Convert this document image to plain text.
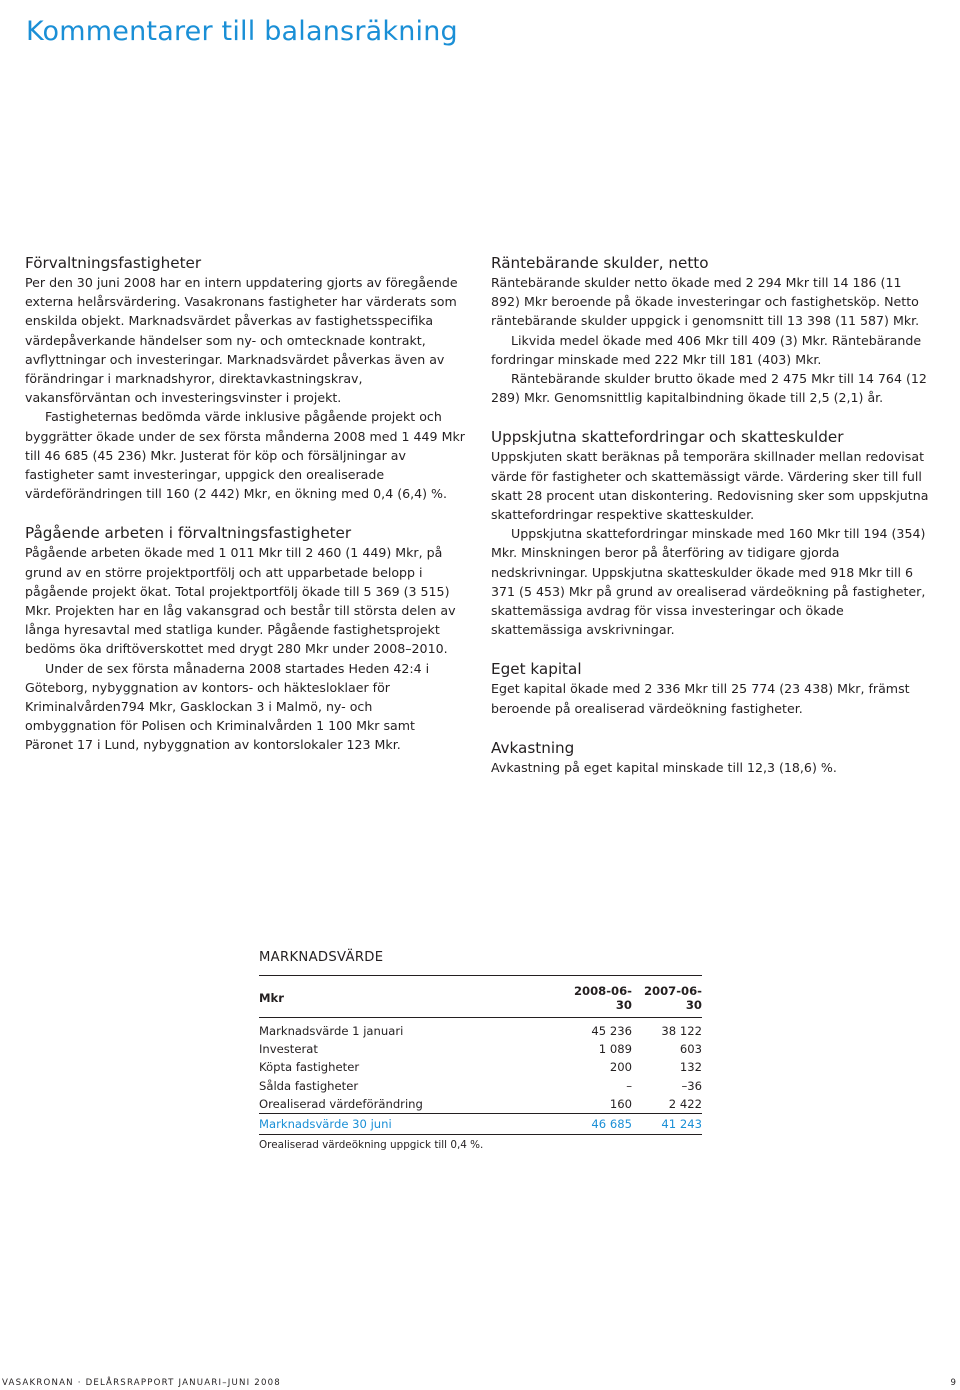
Kommentarer till balansräkning
Förvaltningsfastigheter

Per den 30 juni 2008 har en intern uppdatering gjorts av föregående externa helårsvärdering. Vasakronans fastigheter har värderats som enskilda objekt. Marknadsvärdet påverkas av fastighetsspecifika värdepåverkande händelser som ny- och omtecknade kontrakt, avflyttningar och investeringar. Marknadsvärdet påverkas även av förändringar i marknadshyror, direktavkastningskrav, vakansförväntan och investeringsvinster i projekt.

Fastigheternas bedömda värde inklusive pågående projekt och byggrätter ökade under de sex första månderna 2008 med 1 449 Mkr till 46 685 (45 236) Mkr. Justerat för köp och försäljningar av fastigheter samt investeringar, uppgick den orealiserade värdeförändringen till 160 (2 442) Mkr, en ökning med 0,4 (6,4) %.

Pågående arbeten i förvaltningsfastigheter

Pågående arbeten ökade med 1 011 Mkr till 2 460 (1 449) Mkr, på grund av en större projektportfölj och att upparbetade belopp i pågående projekt ökat. Total projektportfölj ökade till 5 369 (3 515) Mkr. Projekten har en låg vakansgrad och består till största delen av långa hyresavtal med statliga kunder. Pågående fastighetsprojekt bedöms öka driftöverskottet med drygt 280 Mkr under 2008–2010.

Under de sex första månaderna 2008 startades Heden 42:4 i Göteborg, nybyggnation av kontors- och häktesloklaer för Kriminalvården794 Mkr, Gasklockan 3 i Malmö, ny- och ombyggnation för Polisen och Kriminalvården 1 100 Mkr samt Päronet 17 i Lund, nybyggnation av kontorslokaler 123 Mkr.

Räntebärande skulder, netto

Räntebärande skulder netto ökade med 2 294 Mkr till 14 186 (11 892) Mkr beroende på ökade investeringar och fastighetsköp. Netto räntebärande skulder uppgick i genomsnitt till 13 398 (11 587) Mkr.

Likvida medel ökade med 406 Mkr till 409 (3) Mkr. Räntebärande fordringar minskade med 222 Mkr till 181 (403) Mkr.

Räntebärande skulder brutto ökade med 2 475 Mkr till 14 764 (12 289) Mkr. Genomsnittlig kapitalbindning ökade till 2,5 (2,1) år.

Uppskjutna skattefordringar och skatteskulder

Uppskjuten skatt beräknas på temporära skillnader mellan redovisat värde för fastigheter och skattemässigt värde. Värdering sker till full skatt 28 procent utan diskontering. Redovisning sker som uppskjutna skattefordringar respektive skatteskulder.

Uppskjutna skattefordringar minskade med 160 Mkr till 194 (354) Mkr. Minskningen beror på återföring av tidigare gjorda nedskrivningar. Uppskjutna skatteskulder ökade med 918 Mkr till 6 371 (5 453) Mkr på grund av orealiserad värdeökning på fastigheter, skattemässiga avdrag för vissa investeringar och ökade skattemässiga avskrivningar.

Eget kapital

Eget kapital ökade med 2 336 Mkr till 25 774 (23 438) Mkr, främst beroende på orealiserad värdeökning fastigheter.

Avkastning

Avkastning på eget kapital minskade till 12,3 (18,6) %.

MARKNADSVÄRDE
Mkr	2008-06-30	2007-06-30
Marknadsvärde 1 januari	45 236	38 122
Investerat	1 089	603
Köpta fastigheter	200	132
Sålda fastigheter	–	–36
Orealiserad värdeförändring	160	2 422
Marknadsvärde 30 juni	46 685	41 243
Orealiserad värdeökning uppgick till 0,4 %.
VASAKRONAN · DELÅRSRAPPORT JANUARI–JUNI 2008	9
